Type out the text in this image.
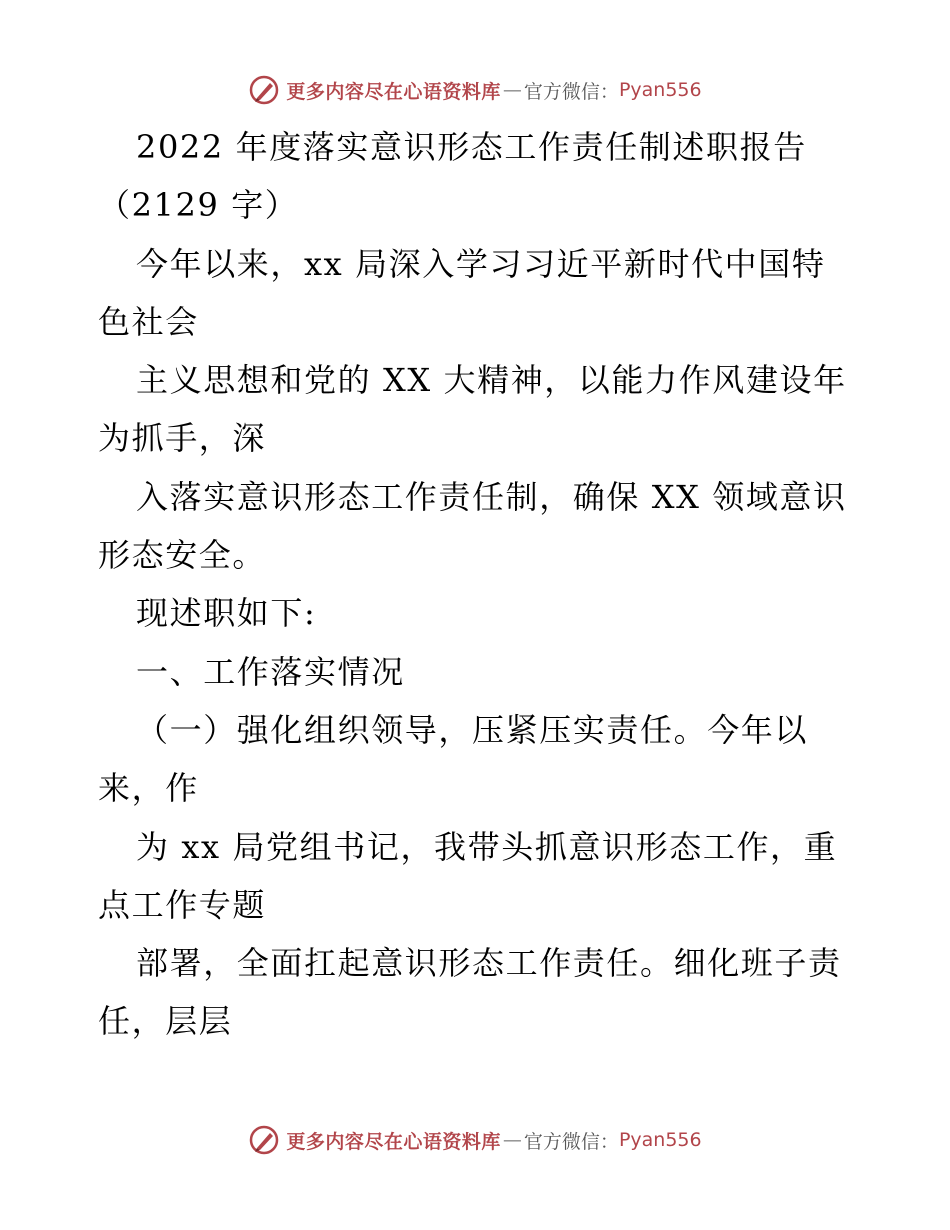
更多内容尽在心语资料库 — 官方微信： Pyan556
2022 年度落实意识形态工作责任制述职报告
（2129 字）
今年以来，xx 局深入学习习近平新时代中国特
色社会
主义思想和党的 XX 大精神，以能力作风建设年
为抓手，深
入落实意识形态工作责任制，确保 XX 领域意识
形态安全。
现述职如下:
一、工作落实情况
（一）强化组织领导，压紧压实责任。今年以
来，作
为 xx 局党组书记，我带头抓意识形态工作，重
点工作专题
部署，全面扛起意识形态工作责任。细化班子责
任，层层
更多内容尽在心语资料库 — 官方微信： Pyan556
